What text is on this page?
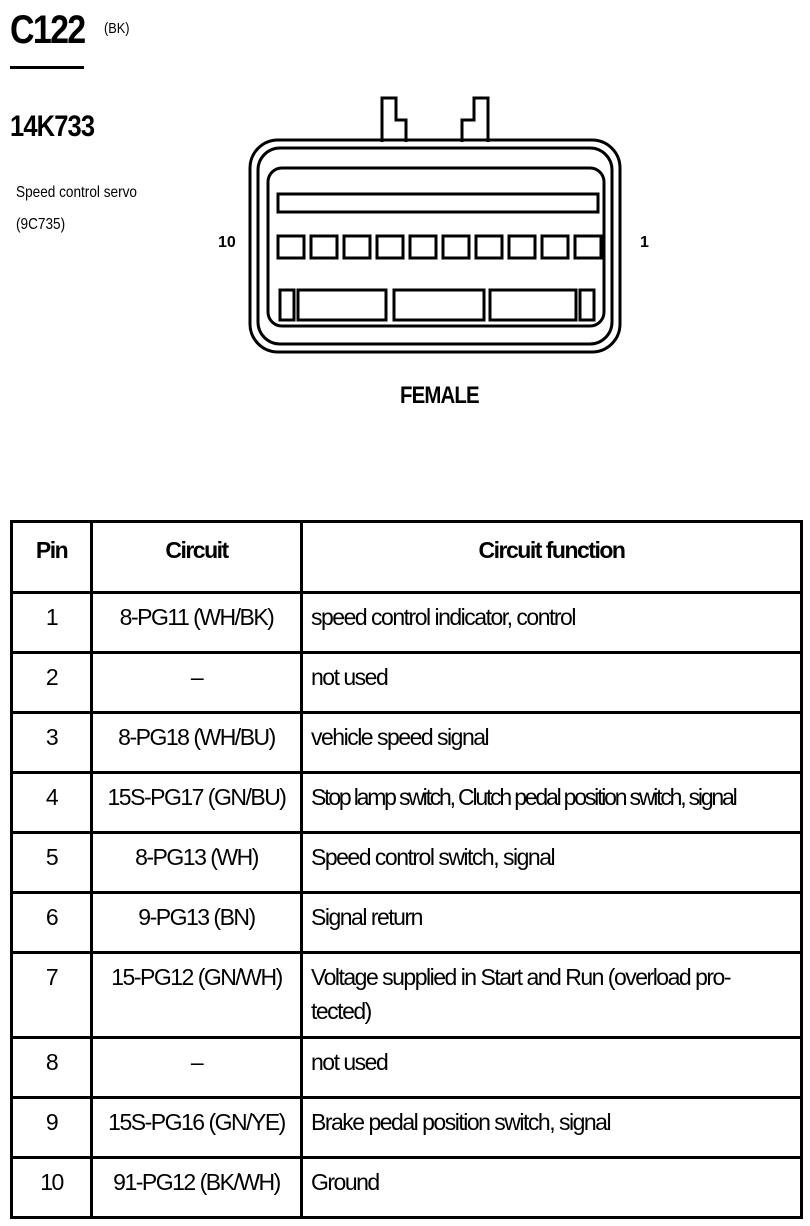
C122 (BK)
14K733
Speed control servo
(9C735)
10	1
FEMALE
Pin	Circuit	Circuit function
1	8-PG11 (WH/BK)	speed control indicator, control
2	–	not used
3	8-PG18 (WH/BU)	vehicle speed signal
4	15S-PG17 (GN/BU)	Stop lamp switch, Clutch pedal position switch, signal
5	8-PG13 (WH)	Speed control switch, signal
6	9-PG13 (BN)	Signal return
7	15-PG12 (GN/WH)	Voltage supplied in Start and Run (overload pro-tected)
8	–	not used
9	15S-PG16 (GN/YE)	Brake pedal position switch, signal
10	91-PG12 (BK/WH)	Ground
